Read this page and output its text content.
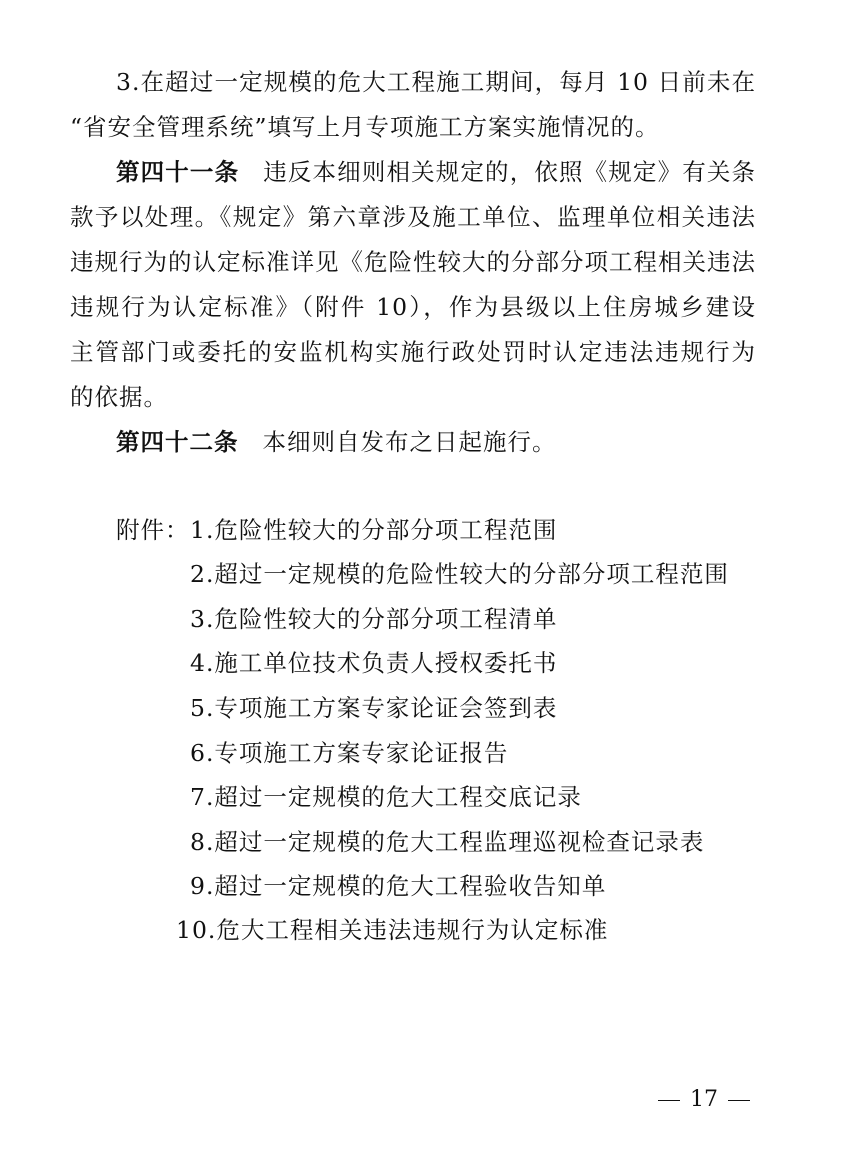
3.在超过一定规模的危大工程施工期间，每月 10 日前未在
“省安全管理系统”填写上月专项施工方案实施情况的。
第四十一条 违反本细则相关规定的，依照《规定》有关条
款予以处理。《规定》第六章涉及施工单位、监理单位相关违法
违规行为的认定标准详见《危险性较大的分部分项工程相关违法
违规行为认定标准》（附件 10），作为县级以上住房城乡建设
主管部门或委托的安监机构实施行政处罚时认定违法违规行为
的依据。
第四十二条 本细则自发布之日起施行。
附件： 1.危险性较大的分部分项工程范围
2.超过一定规模的危险性较大的分部分项工程范围
3.危险性较大的分部分项工程清单
4.施工单位技术负责人授权委托书
5.专项施工方案专家论证会签到表
6.专项施工方案专家论证报告
7.超过一定规模的危大工程交底记录
8.超过一定规模的危大工程监理巡视检查记录表
9.超过一定规模的危大工程验收告知单
10.危大工程相关违法违规行为认定标准
17
